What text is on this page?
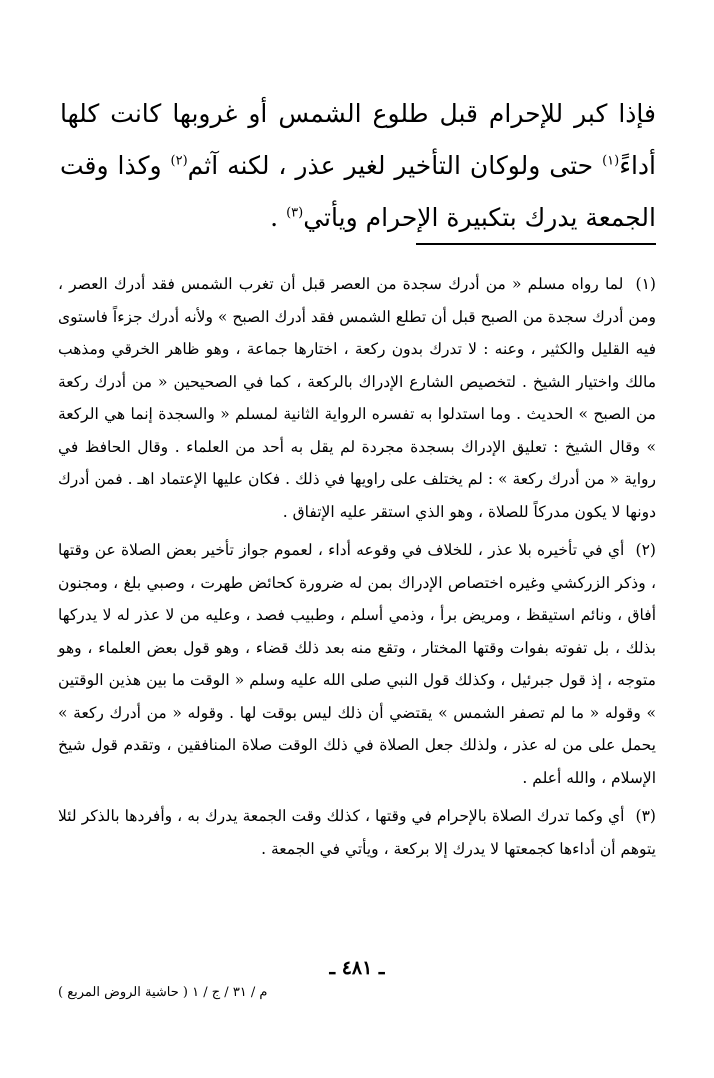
فإذا كبر للإحرام قبل طلوع الشمس أو غروبها كانت كلها أداءً$^{(١)}$ حتى ولوكان التأخير لغير عذر ، لكنه آثم$^{(٢)}$ وكذا وقت الجمعة يدرك بتكبيرة الإحرام ويأتي$^{(٣)}$ .

(١) لما رواه مسلم « من أدرك سجدة من العصر قبل أن تغرب الشمس فقد أدرك العصر ، ومن أدرك سجدة من الصبح قبل أن تطلع الشمس فقد أدرك الصبح » ولأنه أدرك جزءاً فاستوى فيه القليل والكثير ، وعنه : لا تدرك بدون ركعة ، اختارها جماعة ، وهو ظاهر الخرقي ومذهب مالك واختيار الشيخ . لتخصيص الشارع الإدراك بالركعة ، كما في الصحيحين « من أدرك ركعة من الصبح » الحديث . وما استدلوا به تفسره الرواية الثانية لمسلم « والسجدة إنما هي الركعة » وقال الشيخ : تعليق الإدراك بسجدة مجردة لم يقل به أحد من العلماء . وقال الحافظ في رواية « من أدرك ركعة » : لم يختلف على راويها في ذلك . فكان عليها الإعتماد اهـ . فمن أدرك دونها لا يكون مدركاً للصلاة ، وهو الذي استقر عليه الإتفاق .

(٢) أي في تأخيره بلا عذر ، للخلاف في وقوعه أداء ، لعموم جواز تأخير بعض الصلاة عن وقتها ، وذكر الزركشي وغيره اختصاص الإدراك بمن له ضرورة كحائض طهرت ، وصبي بلغ ، ومجنون أفاق ، ونائم استيقظ ، ومريض برأ ، وذمي أسلم ، وطبيب فصد ، وعليه من لا عذر له لا يدركها بذلك ، بل تفوته بفوات وقتها المختار ، وتقع منه بعد ذلك قضاء ، وهو قول بعض العلماء ، وهو متوجه ، إذ قول جبرئيل ، وكذلك قول النبي صلى الله عليه وسلم « الوقت ما بين هذين الوقتين » وقوله « ما لم تصفر الشمس » يقتضي أن ذلك ليس بوقت لها . وقوله « من أدرك ركعة » يحمل على من له عذر ، ولذلك جعل الصلاة في ذلك الوقت صلاة المنافقين ، وتقدم قول شيخ الإسلام ، والله أعلم .

(٣) أي وكما تدرك الصلاة بالإحرام في وقتها ، كذلك وقت الجمعة يدرك به ، وأفردها بالذكر لئلا يتوهم أن أداءها كجمعتها لا يدرك إلا بركعة ، ويأتي في الجمعة .

ـ ٤٨١ ـ
م / ٣١ / ج / ١ ( حاشية الروض المربع )
